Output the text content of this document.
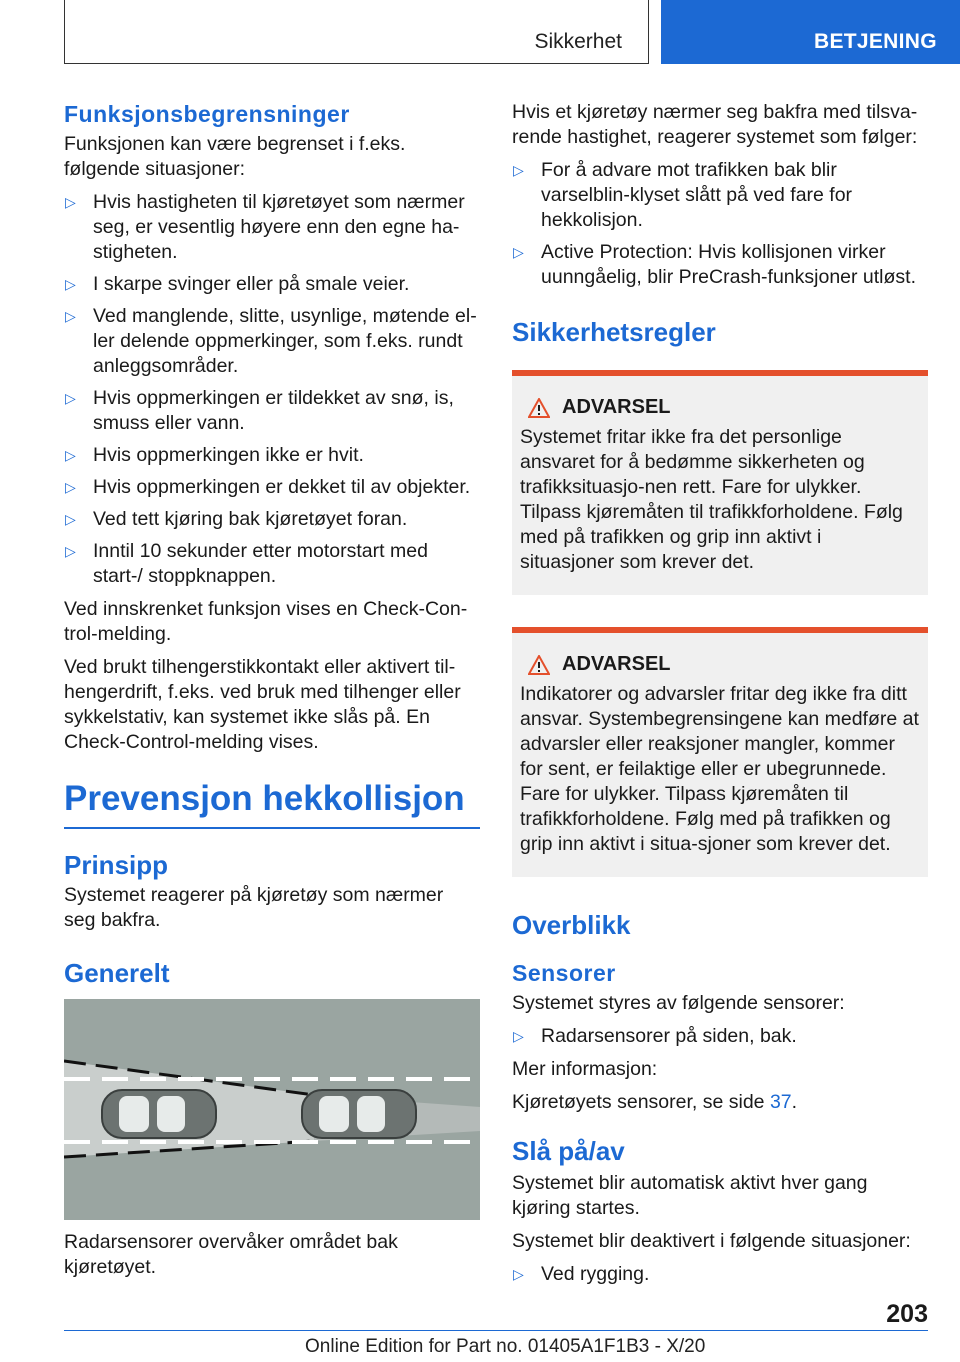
Sikkerhet	BETJENING
Funksjonsbegrensninger

Funksjonen kan være begrenset i f.eks. følgende situasjoner:

▷ Hvis hastigheten til kjøretøyet som nærmer seg, er vesentlig høyere enn den egne ha-stigheten.
▷ I skarpe svinger eller på smale veier.
▷ Ved manglende, slitte, usynlige, møtende el-ler delende oppmerkinger, som f.eks. rundt anleggsområder.
▷ Hvis oppmerkingen er tildekket av snø, is, smuss eller vann.
▷ Hvis oppmerkingen ikke er hvit.
▷ Hvis oppmerkingen er dekket til av objekter.
▷ Ved tett kjøring bak kjøretøyet foran.
▷ Inntil 10 sekunder etter motorstart med start-/ stoppknappen.

Ved innskrenket funksjon vises en Check-Con-trol-melding.

Ved brukt tilhengerstikkontakt eller aktivert til-hengerdrift, f.eks. ved bruk med tilhenger eller sykkelstativ, kan systemet ikke slås på. En Check-Control-melding vises.

Prevensjon hekkollisjon
Prinsipp

Systemet reagerer på kjøretøy som nærmer seg bakfra.

Generelt

Radarsensorer overvåker området bak kjøretøyet.

Hvis et kjøretøy nærmer seg bakfra med tilsva-rende hastighet, reagerer systemet som følger:

▷ For å advare mot trafikken bak blir varselblin-klyset slått på ved fare for hekkolisjon.
▷ Active Protection: Hvis kollisjonen virker uunngåelig, blir PreCrash-funksjoner utløst.
Sikkerhetsregler
ADVARSEL

Systemet fritar ikke fra det personlige ansvaret for å bedømme sikkerheten og trafikksituasjo-nen rett. Fare for ulykker. Tilpass kjøremåten til trafikkforholdene. Følg med på trafikken og grip inn aktivt i situasjoner som krever det.

ADVARSEL

Indikatorer og advarsler fritar deg ikke fra ditt ansvar. Systembegrensingene kan medføre at advarsler eller reaksjoner mangler, kommer for sent, er feilaktige eller er ubegrunnede. Fare for ulykker. Tilpass kjøremåten til trafikkforholdene. Følg med på trafikken og grip inn aktivt i situa-sjoner som krever det.

Overblikk
Sensorer

Systemet styres av følgende sensorer:

▷ Radarsensorer på siden, bak.

Mer informasjon:

Kjøretøyets sensorer, se side 37.

Slå på/av

Systemet blir automatisk aktivt hver gang kjøring startes.

Systemet blir deaktivert i følgende situasjoner:

▷ Ved rygging.
203
Online Edition for Part no. 01405A1F1B3 - X/20
